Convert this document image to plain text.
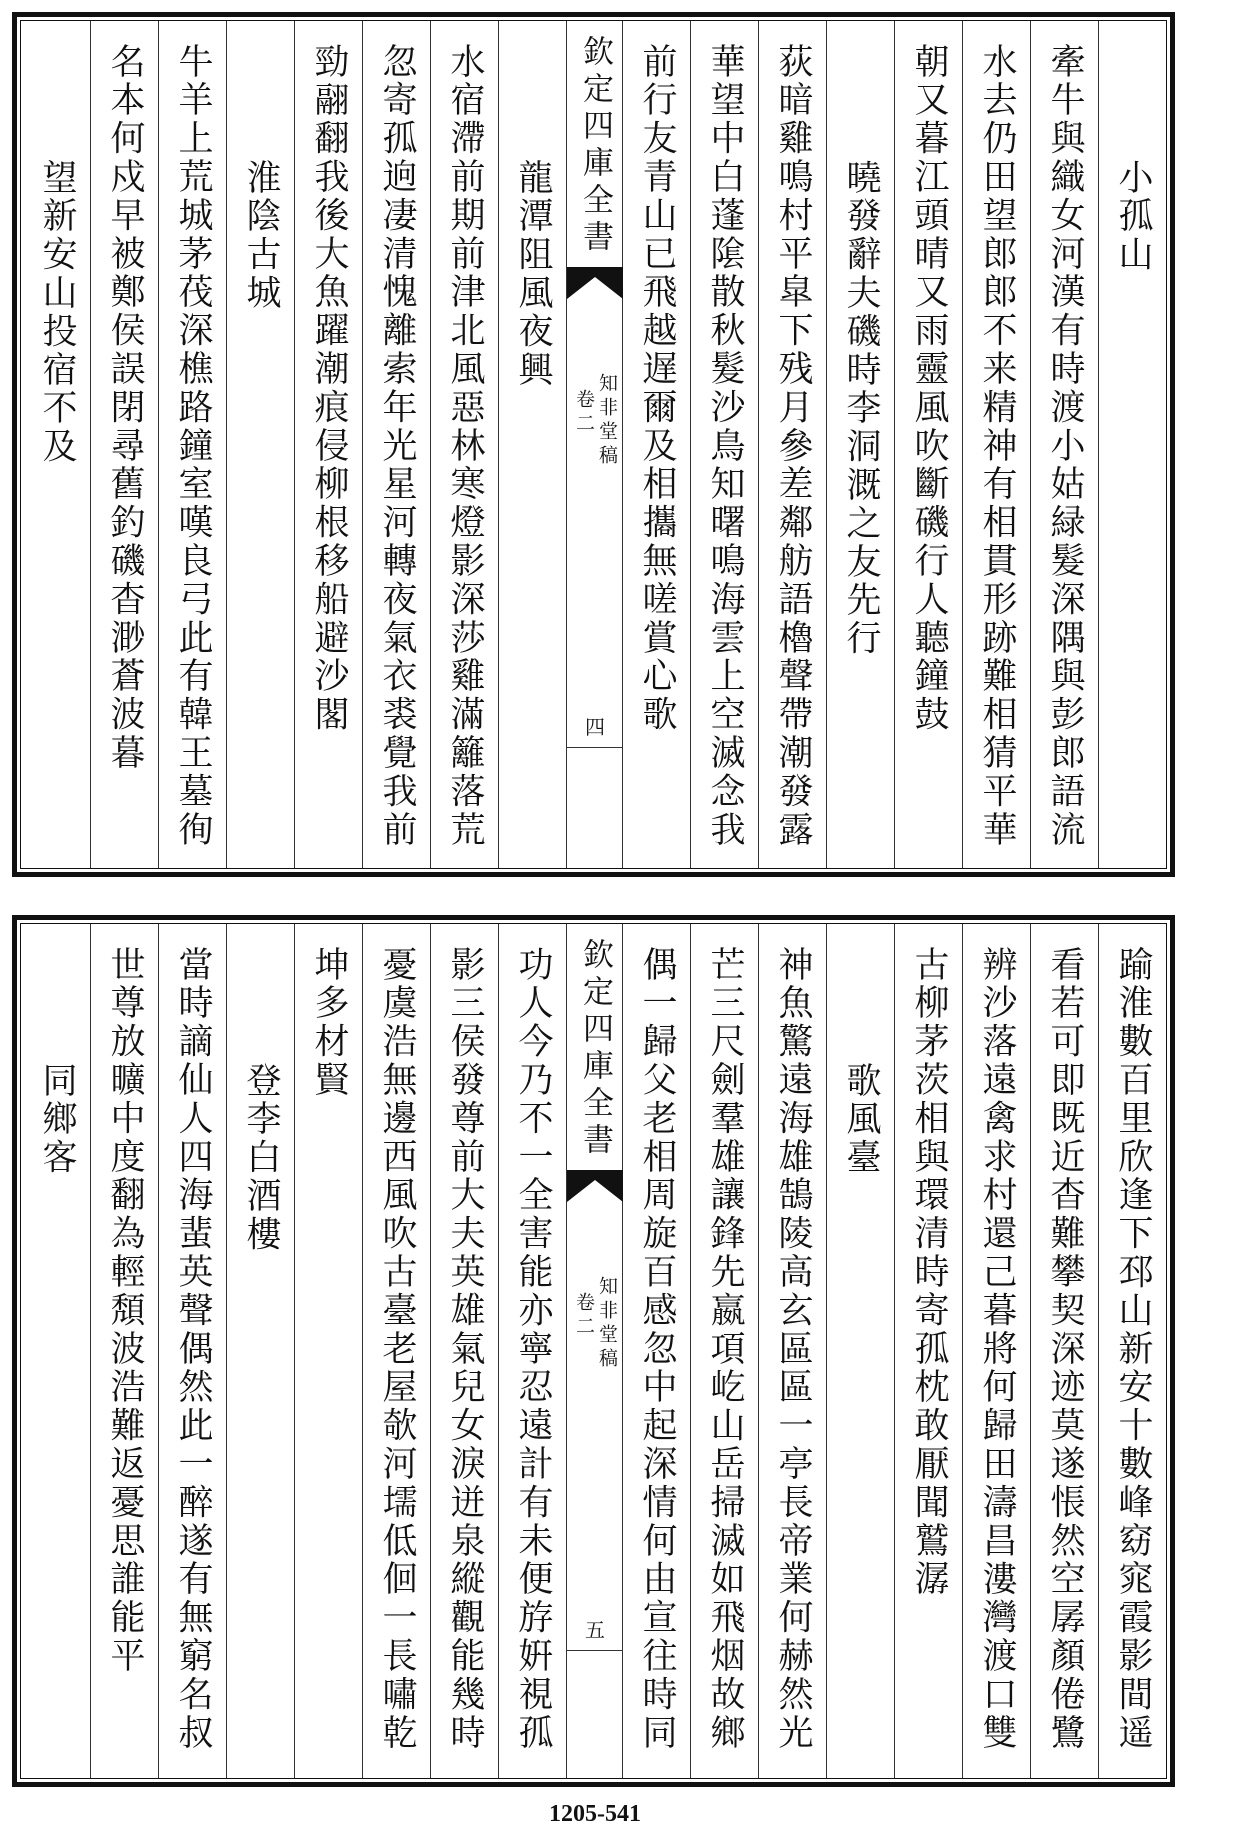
小孤山
牽牛與織女河漢有時渡小姑緑髮深隅與彭郎語流
水去仍田望郎郎不来精神有相貫形跡難相猜平華
朝又暮江頭晴又雨靈風吹斷磯行人聽鐘鼓
曉發辭夫磯時李洞溉之友先行
荻暗雞鳴村平皐下残月參差鄰舫語櫓聲帶潮發露
華望中白蓬隂散秋髮沙鳥知曙鳴海雲上空滅念我
前行友青山已飛越遅爾及相攜無嗟賞心歌
欽定四庫全書
知非堂稿
卷二
四
龍潭阻風夜興
水宿滯前期前津北風惡林寒燈影深莎雞滿籬落荒
忽寄孤逈凄清愧離索年光星河轉夜氣衣裘覺我前
勁翮翻我後大魚躍潮痕侵柳根移船避沙閣
淮陰古城
牛羊上荒城茅茷深樵路鐘室嘆良弓此有韓王墓徇
名本何戍早被鄭侯誤閉尋舊釣磯杳渺蒼波暮
望新安山投宿不及
踰淮數百里欣逢下邳山新安十數峰窈窕霞影間遥
看若可即既近杳難攀契深迹莫遂悵然空孱顏倦鷺
辨沙落遠禽求村還己暮將何歸田濤昌漊灣渡口雙
古柳茅茨相與環清時寄孤枕敢厭聞鷲潺
歌風臺
神魚驚遠海雄鵠陵高玄區區一亭長帝業何赫然光
芒三尺劍羣雄讓鋒先嬴項屹山岳掃滅如飛烟故鄉
偶一歸父老相周旋百感忽中起深情何由宣往時同
欽定四庫全書
知非堂稿
卷二
五
功人今乃不一全害能亦寧忍遠計有未便斿姸視孤
影三侯發尊前大夫英雄氣兒女淚迸泉縱觀能幾時
憂虞浩無邊西風吹古臺老屋欹河壖低佪一長嘯乾
坤多材賢
登李白酒樓
當時謫仙人四海蜚英聲偶然此一醉遂有無窮名叔
世尊放曠中度翻為輕頽波浩難返憂思誰能平
同鄉客
1205-541
